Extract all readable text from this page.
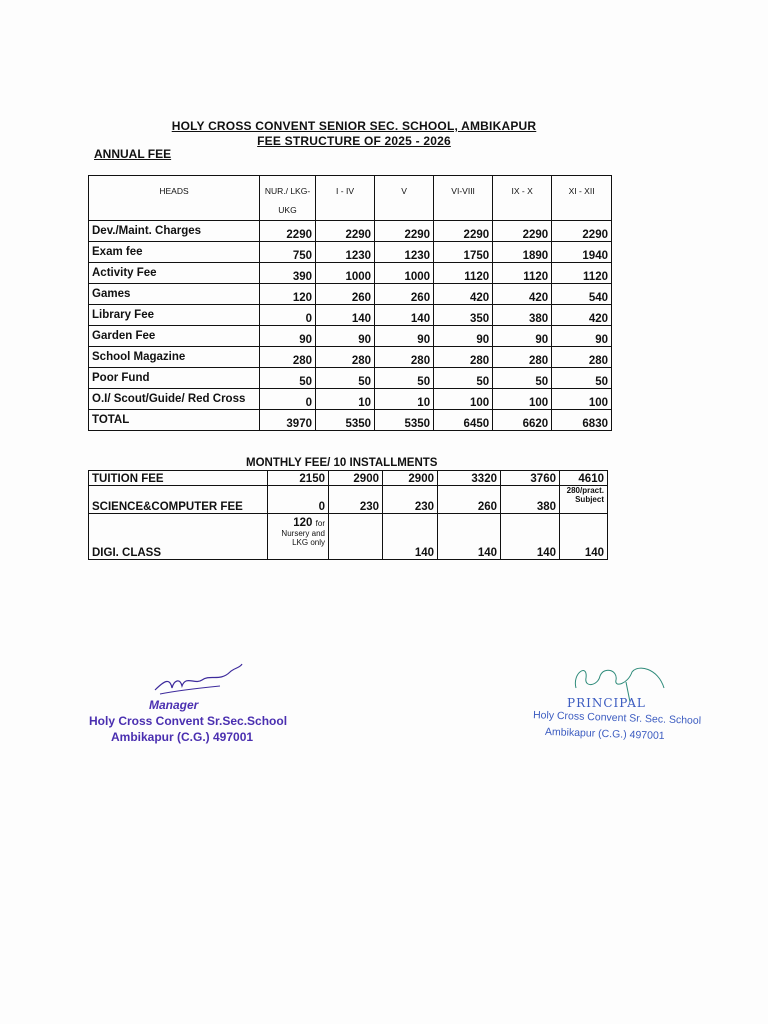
HOLY CROSS CONVENT SENIOR SEC. SCHOOL, AMBIKAPUR
FEE STRUCTURE OF 2025 - 2026
ANNUAL FEE
HEADS	NUR./ LKG-UKG	I - IV	V	VI-VIII	IX - X	XI - XII
Dev./Maint. Charges	2290	2290	2290	2290	2290	2290
Exam fee	750	1230	1230	1750	1890	1940
Activity Fee	390	1000	1000	1120	1120	1120
Games	120	260	260	420	420	540
Library Fee	0	140	140	350	380	420
Garden Fee	90	90	90	90	90	90
School Magazine	280	280	280	280	280	280
Poor Fund	50	50	50	50	50	50
O.I/ Scout/Guide/ Red Cross	0	10	10	100	100	100
TOTAL	3970	5350	5350	6450	6620	6830
MONTHLY FEE/ 10 INSTALLMENTS
TUITION FEE	2150	2900	2900	3320	3760	4610
SCIENCE&COMPUTER FEE	0	230	230	260	380	280/pract.
Subject

DIGI. CLASS	120 for
Nursery and
LKG only		140	140	140	140
Manager
Holy Cross Convent Sr.Sec.School
Ambikapur (C.G.) 497001
PRINCIPAL
Holy Cross Convent Sr. Sec. School
Ambikapur (C.G.) 497001
